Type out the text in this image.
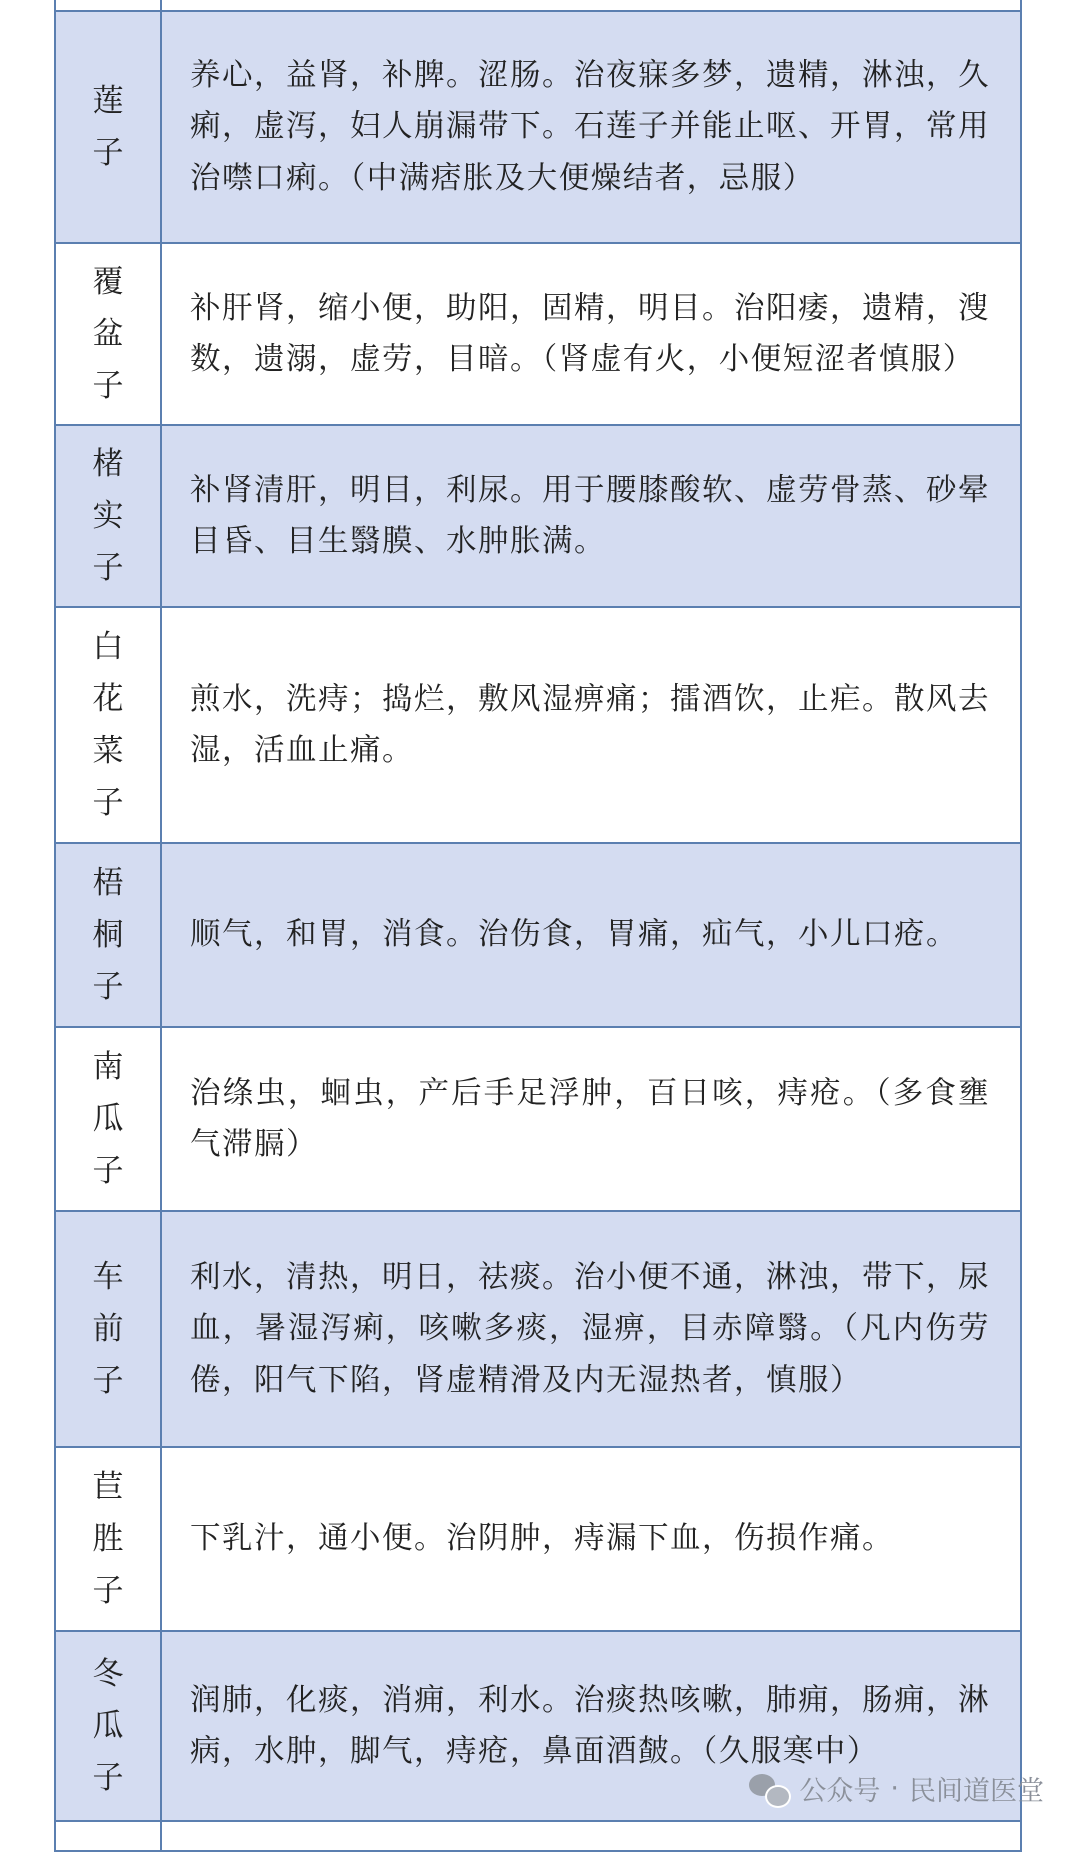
莲
子	养心，益肾，补脾。涩肠。治夜寐多梦，遗精，淋浊，久痢，虚泻，妇人崩漏带下。石莲子并能止呕、开胃，常用治噤口痢。（中满痞胀及大便燥结者，忌服）

覆
盆
子	补肝肾，缩小便，助阳，固精，明目。治阳痿，遗精，溲数，遗溺，虚劳，目暗。（肾虚有火，小便短涩者慎服）

楮
实
子	补肾清肝，明目，利尿。用于腰膝酸软、虚劳骨蒸、砂晕目昏、目生翳膜、水肿胀满。

白
花
菜
子	煎水，洗痔；捣烂，敷风湿痹痛；擂酒饮，止疟。散风去湿，活血止痛。

梧
桐
子	顺气，和胃，消食。治伤食，胃痛，疝气，小儿口疮。

南
瓜
子	治绦虫，蛔虫，产后手足浮肿，百日咳，痔疮。（多食壅气滞膈）

车
前
子	利水，清热，明日，祛痰。治小便不通，淋浊，带下，尿血，暑湿泻痢，咳嗽多痰，湿痹，目赤障翳。（凡内伤劳倦，阳气下陷，肾虚精滑及内无湿热者，慎服）

苣
胜
子	下乳汁，通小便。治阴肿，痔漏下血，伤损作痛。

冬
瓜
子	润肺，化痰，消痈，利水。治痰热咳嗽，肺痈，肠痈，淋病，水肿，脚气，痔疮，鼻面酒皶。（久服寒中）

公众号 · 民间道医堂
